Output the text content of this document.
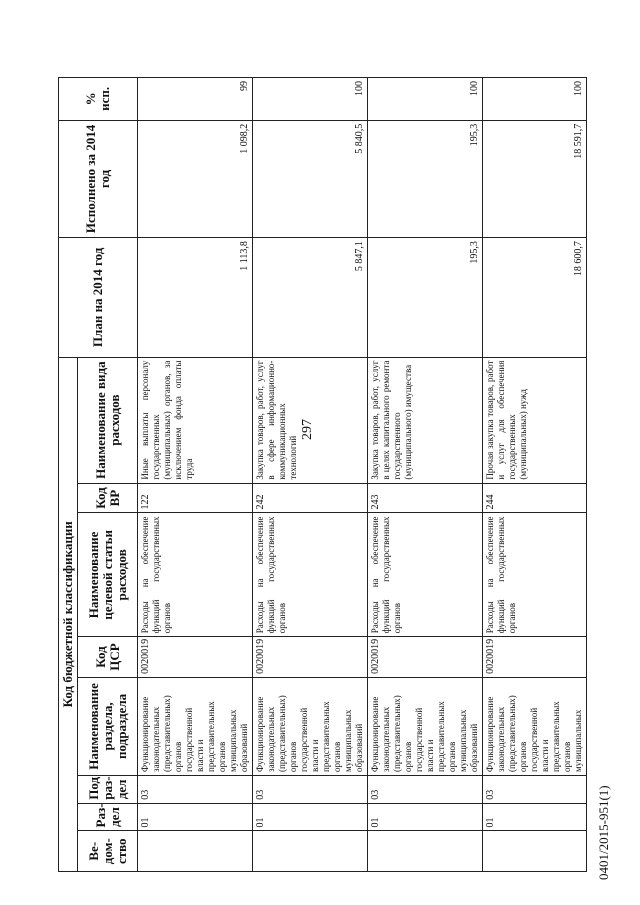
297
0401/2015-951(1)
Код бюджетной классификации								План на 2014 год	Исполнено за 2014 год	% исп.
Ве-дом-ство	Раз-дел	Под раз-дел	Наименование раздела, подраздела	Код ЦСР	Наименование целевой статьи расходов	Код ВР	Наименование вида расходов			
	01	03	Функционирование законодательных (представительных) органов государственной власти и представительных органов муниципальных образований	0020019	Расходы на обеспечение функций государственных органов	122	Иные выплаты персоналу государственных (муниципальных) органов, за исключением фонда оплаты труда	1 113,8	1 098,2	99
	01	03	Функционирование законодательных (представительных) органов государственной власти и представительных органов муниципальных образований	0020019	Расходы на обеспечение функций государственных органов	242	Закупка товаров, работ, услуг в сфере информационно-коммуникационных технологий	5 847,1	5 840,5	100
	01	03	Функционирование законодательных (представительных) органов государственной власти и представительных органов муниципальных образований	0020019	Расходы на обеспечение функций государственных органов	243	Закупка товаров, работ, услуг в целях капитального ремонта государственного (муниципального) имущества	195,3	195,3	100
	01	03	Функционирование законодательных (представительных) органов государственной власти и представительных органов муниципальных	0020019	Расходы на обеспечение функций государственных органов	244	Прочая закупка товаров, работ и услуг для обеспечения государственных (муниципальных) нужд	18 600,7	18 591,7	100
